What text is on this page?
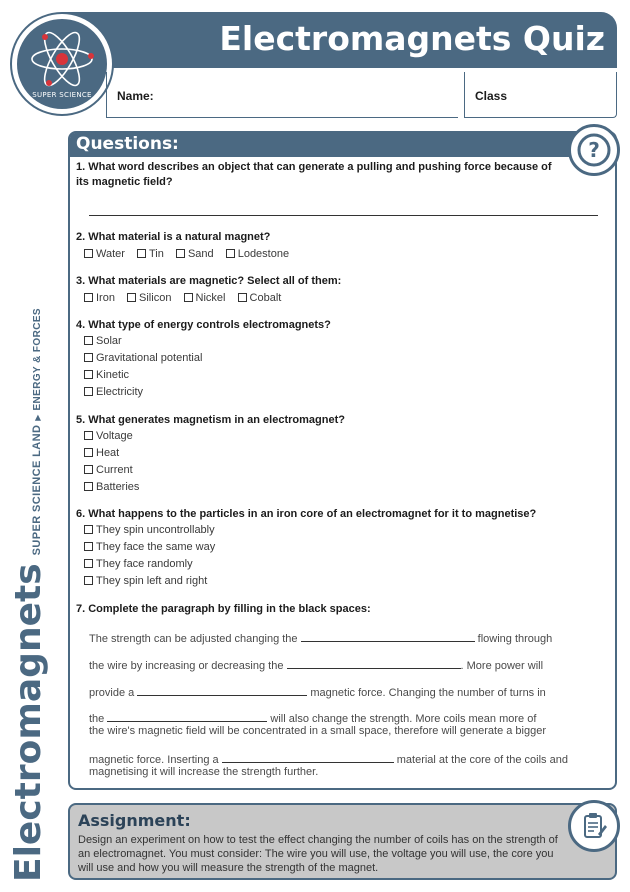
Electromagnets Quiz
SUPER SCIENCE	Name:	Class
Questions:	?
1. What word describes an object that can generate a pulling and pushing force because of its magnetic field?
2. What material is a natural magnet?
Water Tin Sand Lodestone
3. What materials are magnetic? Select all of them:
Iron Silicon Nickel Cobalt
4. What type of energy controls electromagnets?
Solar
Gravitational potential
Kinetic
Electricity
5. What generates magnetism in an electromagnet?
Voltage
Heat
Current
Batteries
6. What happens to the particles in an iron core of an electromagnet for it to magnetise?
They spin uncontrollably
They face the same way
They face randomly
They spin left and right
7. Complete the paragraph by filling in the black spaces:
The strength can be adjusted changing the	flowing through
the wire by increasing or decreasing the	. More power will
provide a	magnetic force. Changing the number of turns in
the	will also change the strength. More coils mean more of
the wire's magnetic field will be concentrated in a small space, therefore will generate a bigger
magnetic force. Inserting a	material at the core of the coils and
magnetising it will increase the strength further.
Assignment:
Design an experiment on how to test the effect changing the number of coils has on the strength of an electromagnet. You must consider: The wire you will use, the voltage you will use, the core you will use and how you will measure the strength of the magnet.
Electromagnets
SUPER SCIENCE LAND
▶
ENERGY & FORCES
